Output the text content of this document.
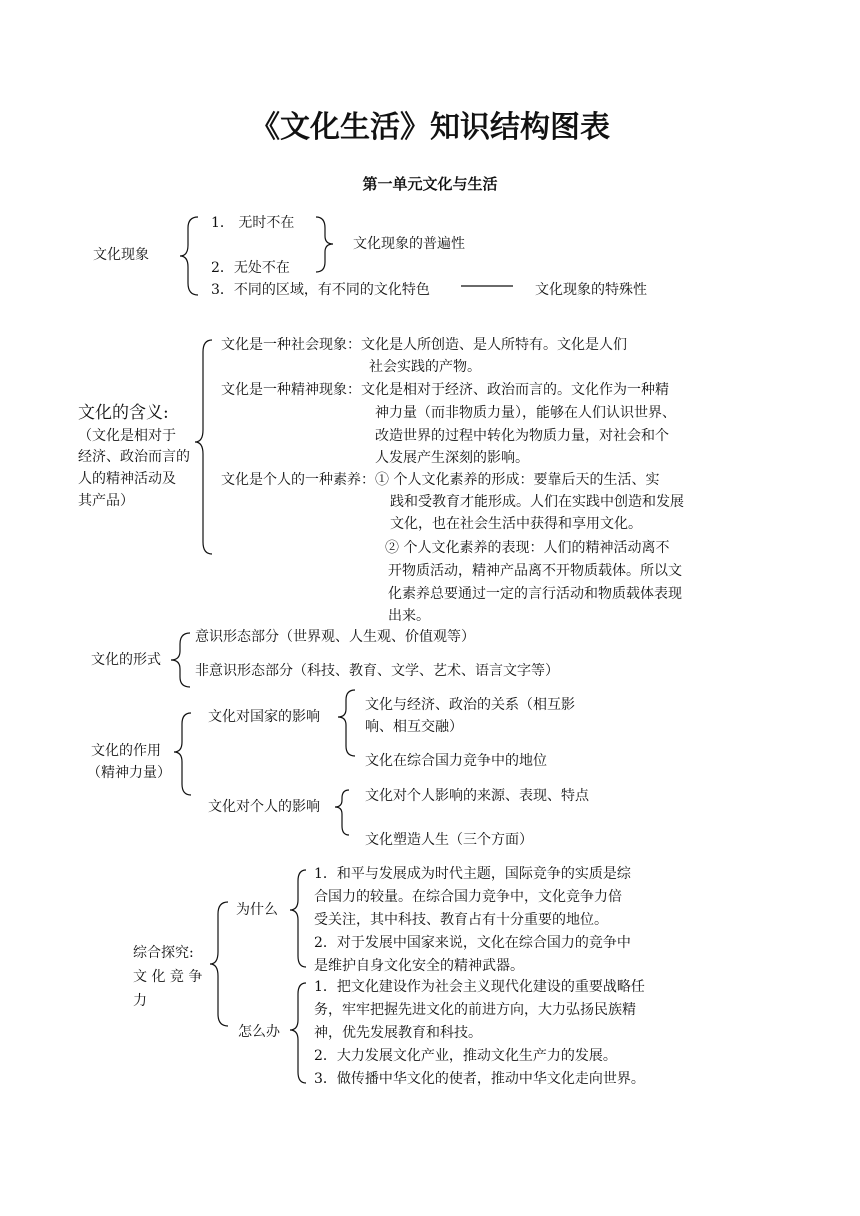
《文化生活》知识结构图表
第一单元文化与生活
文化现象
1． 无时不在
2．无处不在
3．不同的区域，有不同的文化特色
文化现象的普遍性
文化现象的特殊性
文化的含义:
（文化是相对于
经济、政治而言的
人的精神活动及
其产品）
文化是一种社会现象：文化是人所创造、是人所特有。文化是人们
社会实践的产物。
文化是一种精神现象：文化是相对于经济、政治而言的。文化作为一种精
神力量（而非物质力量），能够在人们认识世界、
改造世界的过程中转化为物质力量，对社会和个
人发展产生深刻的影响。
文化是个人的一种素养：① 个人文化素养的形成：要靠后天的生活、实
践和受教育才能形成。人们在实践中创造和发展
文化，也在社会生活中获得和享用文化。
② 个人文化素养的表现：人们的精神活动离不
开物质活动，精神产品离不开物质载体。所以文
化素养总要通过一定的言行活动和物质载体表现
出来。
文化的形式
意识形态部分（世界观、人生观、价值观等）
非意识形态部分（科技、教育、文学、艺术、语言文字等）
文化的作用
（精神力量）
文化对国家的影响
文化与经济、政治的关系（相互影
响、相互交融）
文化在综合国力竞争中的地位
文化对个人的影响
文化对个人影响的来源、表现、特点
文化塑造人生（三个方面）
综合探究:
文 化 竞 争
力
为什么
1．和平与发展成为时代主题，国际竞争的实质是综
合国力的较量。在综合国力竞争中，文化竞争力倍
受关注，其中科技、教育占有十分重要的地位。
2．对于发展中国家来说，文化在综合国力的竞争中
是维护自身文化安全的精神武器。
怎么办
1．把文化建设作为社会主义现代化建设的重要战略任
务，牢牢把握先进文化的前进方向，大力弘扬民族精
神，优先发展教育和科技。
2．大力发展文化产业，推动文化生产力的发展。
3．做传播中华文化的使者，推动中华文化走向世界。
